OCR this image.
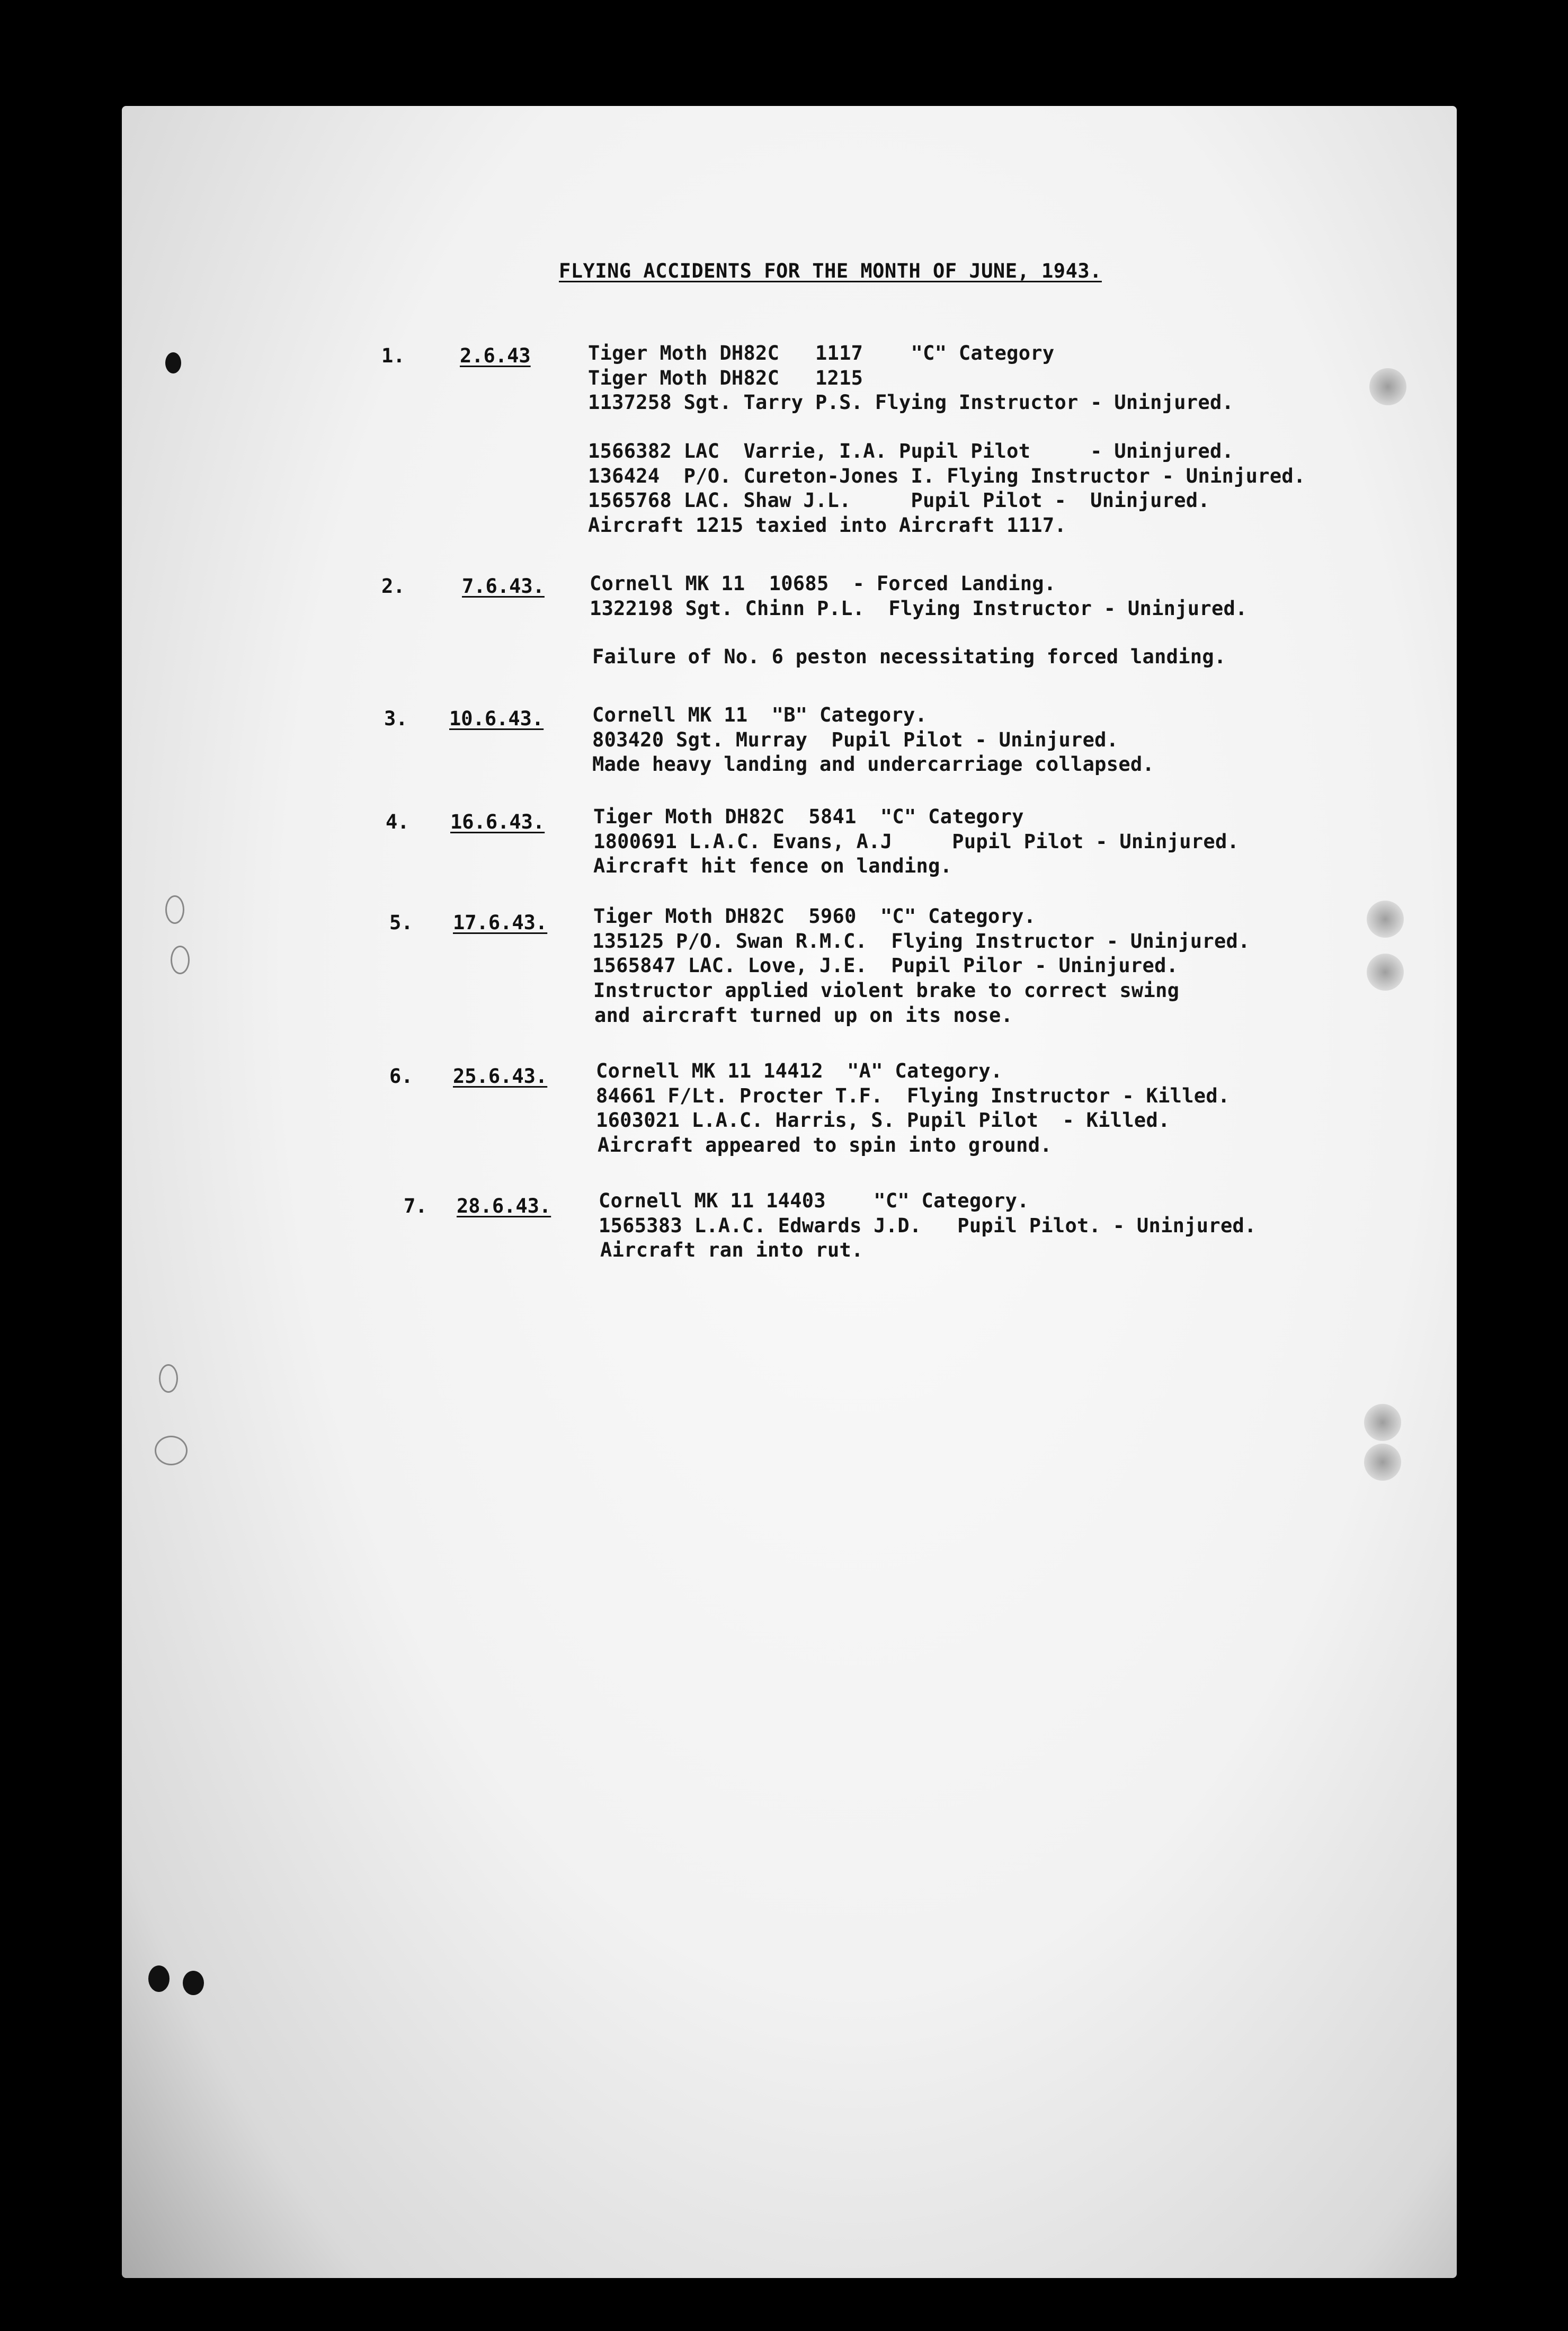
FLYING ACCIDENTS FOR THE MONTH OF JUNE, 1943.
1.	2.6.43	Tiger Moth DH82C   1117    "C" Category
Tiger Moth DH82C   1215
1137258 Sgt. Tarry P.S. Flying Instructor - Uninjured.
1566382 LAC  Varrie, I.A. Pupil Pilot     - Uninjured.
136424  P/O. Cureton-Jones I. Flying Instructor - Uninjured.
1565768 LAC. Shaw J.L.     Pupil Pilot -  Uninjured.
Aircraft 1215 taxied into Aircraft 1117.
2.	7.6.43. Cornell MK 11  10685  - Forced Landing.
1322198 Sgt. Chinn P.L.  Flying Instructor - Uninjured.
Failure of No. 6 peston necessitating forced landing.
3. 10.6.43. Cornell MK 11  "B" Category.
803420 Sgt. Murray  Pupil Pilot - Uninjured.
Made heavy landing and undercarriage collapsed.
4. 16.6.43. Tiger Moth DH82C  5841  "C" Category
1800691 L.A.C. Evans, A.J     Pupil Pilot - Uninjured.
Aircraft hit fence on landing.
5. 17.6.43. Tiger Moth DH82C  5960  "C" Category.
135125 P/O. Swan R.M.C.  Flying Instructor - Uninjured.
1565847 LAC. Love, J.E.  Pupil Pilor - Uninjured.
Instructor applied violent brake to correct swing
and aircraft turned up on its nose.
6. 25.6.43. Cornell MK 11 14412  "A" Category.
84661 F/Lt. Procter T.F.  Flying Instructor - Killed.
1603021 L.A.C. Harris, S. Pupil Pilot  - Killed.
Aircraft appeared to spin into ground.
7. 28.6.43. Cornell MK 11 14403    "C" Category.
1565383 L.A.C. Edwards J.D.   Pupil Pilot. - Uninjured.
Aircraft ran into rut.
